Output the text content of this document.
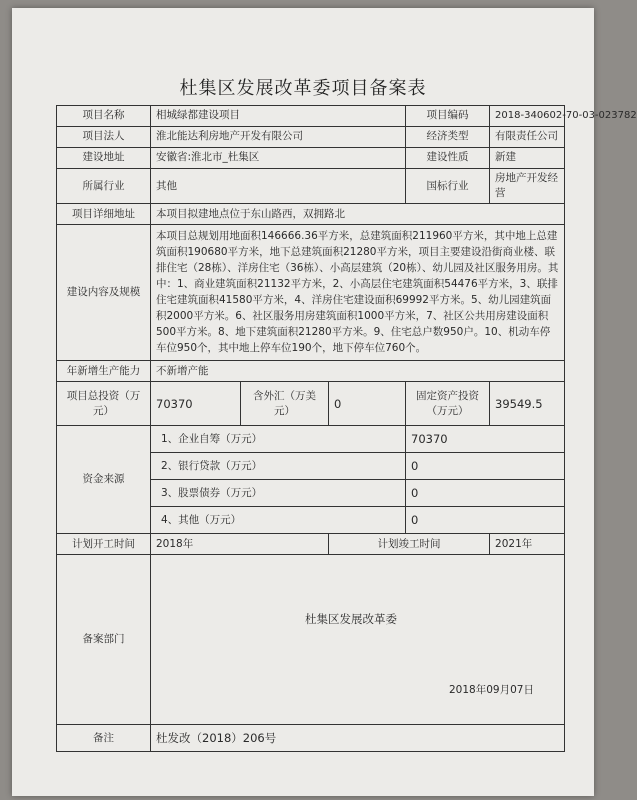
杜集区发展改革委项目备案表
项目名称	相城绿都建设项目			项目编码	2018-340602-70-03-023782
项目法人	淮北能达利房地产开发有限公司			经济类型	有限责任公司
建设地址	安徽省:淮北市_杜集区			建设性质	新建
所属行业	其他			国标行业	房地产开发经营
项目详细地址	本项目拟建地点位于东山路西，双拥路北				
建设内容及规模	本项目总规划用地面积146666.36平方米，总建筑面积211960平方米，其中地上总建筑面积190680平方米，地下总建筑面积21280平方米，项目主要建设沿街商业楼、联排住宅（28栋）、洋房住宅（36栋）、小高层建筑（20栋）、幼儿园及社区服务用房。其中：1、商业建筑面积21132平方米，2、小高层住宅建筑面积54476平方米，3、联排住宅建筑面积41580平方米，4、洋房住宅建设面积69992平方米。5、幼儿园建筑面积2000平方米。6、社区服务用房建筑面积1000平方米，7、社区公共用房建设面积500平方米。8、地下建筑面积21280平方米。9、住宅总户数950户。10、机动车停车位950个，其中地上停车位190个，地下停车位760个。				
年新增生产能力	不新增产能				
项目总投资（万元）	70370	含外汇（万美元）	0	固定资产投资（万元）	39549.5
资金来源	1、企业自筹（万元）			70370	
	2、银行贷款（万元）			0	
	3、股票债券（万元）			0	
	4、其他（万元）			0	
计划开工时间	2018年		计划竣工时间		2021年
备案部门	杜集区发展改革委
2018年09月07日				

备注	杜发改（2018）206号				
